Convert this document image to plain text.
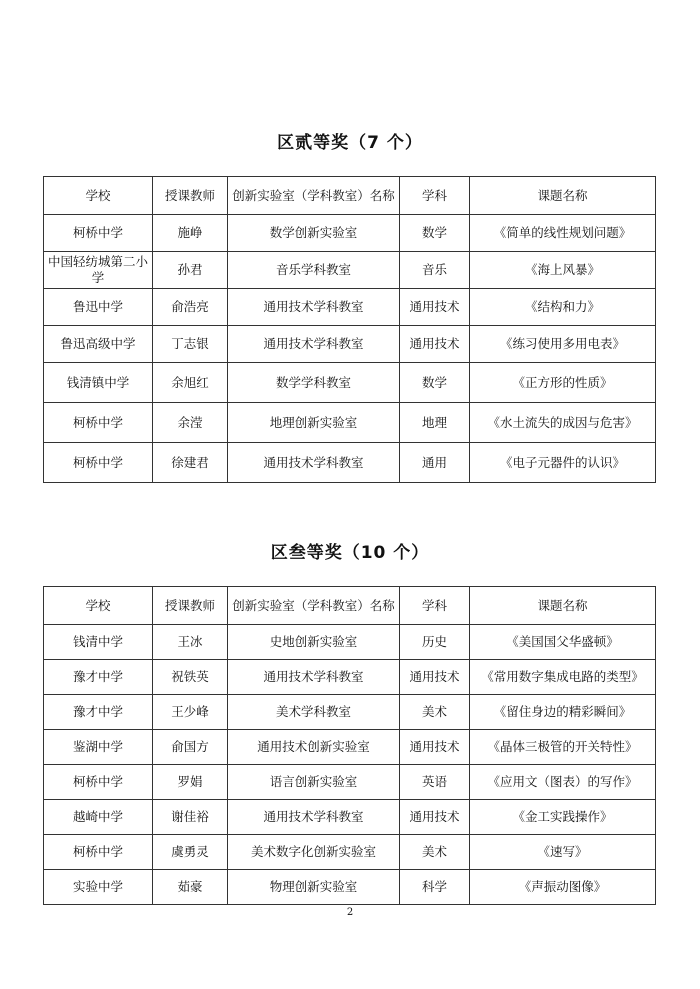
区贰等奖（7 个）
学校	授课教师	创新实验室（学科教室）名称	学科	课题名称
柯桥中学	施峥	数学创新实验室	数学	《简单的线性规划问题》
中国轻纺城第二小学	孙君	音乐学科教室	音乐	《海上风暴》
鲁迅中学	俞浩亮	通用技术学科教室	通用技术	《结构和力》
鲁迅高级中学	丁志银	通用技术学科教室	通用技术	《练习使用多用电表》
钱清镇中学	余旭红	数学学科教室	数学	《正方形的性质》
柯桥中学	余滢	地理创新实验室	地理	《水土流失的成因与危害》
柯桥中学	徐建君	通用技术学科教室	通用	《电子元器件的认识》
区叁等奖（10 个）
学校	授课教师	创新实验室（学科教室）名称	学科	课题名称
钱清中学	王冰	史地创新实验室	历史	《美国国父华盛顿》
豫才中学	祝铁英	通用技术学科教室	通用技术	《常用数字集成电路的类型》
豫才中学	王少峰	美术学科教室	美术	《留住身边的精彩瞬间》
鉴湖中学	俞国方	通用技术创新实验室	通用技术	《晶体三极管的开关特性》
柯桥中学	罗娟	语言创新实验室	英语	《应用文（图表）的写作》
越崎中学	谢佳裕	通用技术学科教室	通用技术	《金工实践操作》
柯桥中学	虞勇灵	美术数字化创新实验室	美术	《速写》
实验中学	茹豪	物理创新实验室	科学	《声振动图像》
2
